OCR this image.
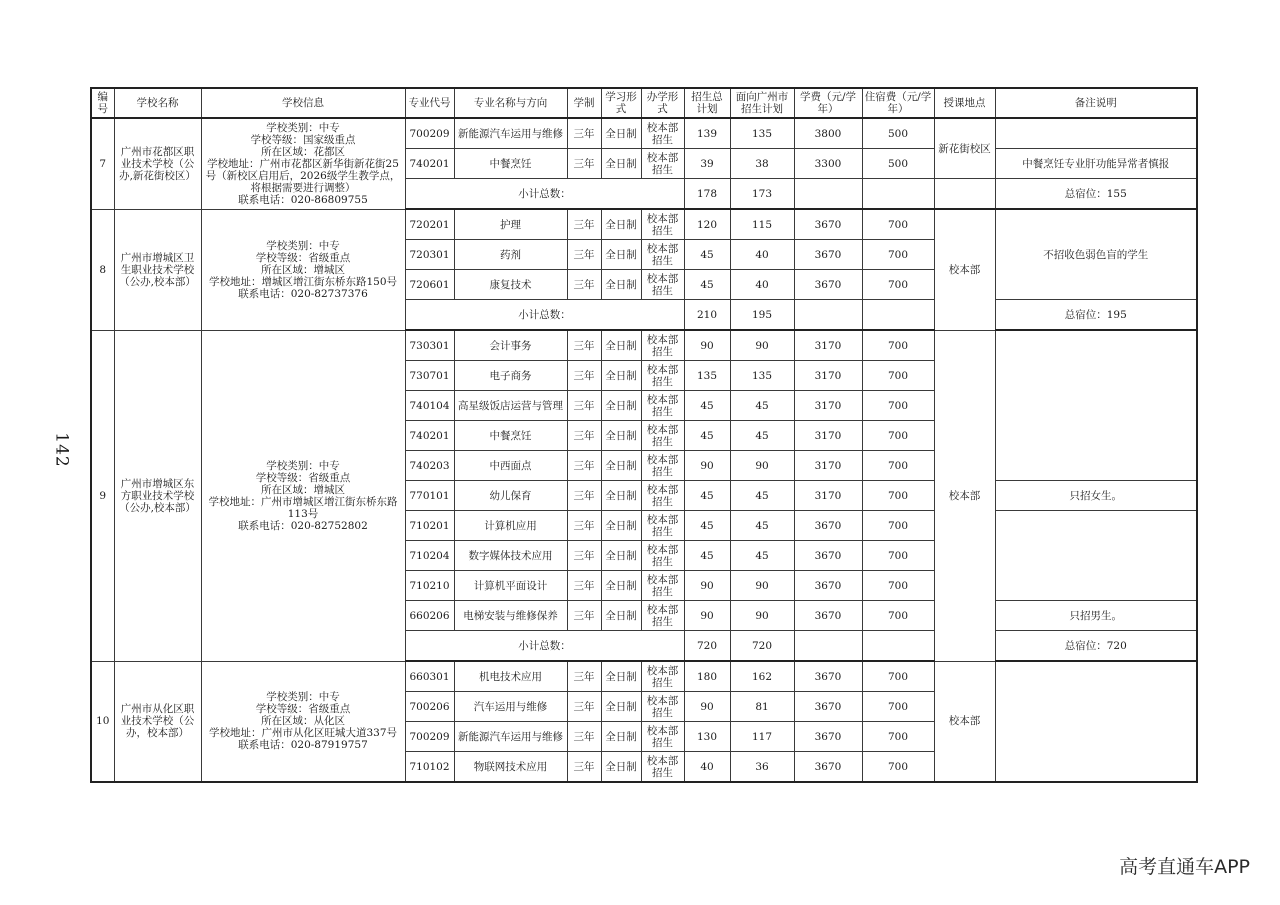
142
高考直通车APP
编号	学校名称	学校信息	专业代号	专业名称与方向	学制	学习形式	办学形式	招生总计划	面向广州市招生计划	学费（元/学年）	住宿费（元/学年）	授课地点	备注说明
7	广州市花都区职业技术学校（公办,新花街校区）	学校类别：中专
学校等级：国家级重点
所在区域：花都区
学校地址：广州市花都区新华街新花街25号（新校区启用后，2026级学生教学点，将根据需要进行调整）
联系电话：020-86809755	700209	新能源汽车运用与维修	三年	全日制	校本部招生	139	135	3800	500	新花街校区	
			740201	中餐烹饪	三年	全日制	校本部招生	39	38	3300	500		中餐烹饪专业肝功能异常者慎报
			小计总数：					178	173				总宿位：155
8	广州市增城区卫生职业技术学校（公办,校本部）	学校类别：中专
学校等级：省级重点
所在区域：增城区
学校地址：增城区增江街东桥东路150号
联系电话：020-82737376	720201	护理	三年	全日制	校本部招生	120	115	3670	700	校本部	不招收色弱色盲的学生
			720301	药剂	三年	全日制	校本部招生	45	40	3670	700		
			720601	康复技术	三年	全日制	校本部招生	45	40	3670	700		
			小计总数：					210	195				总宿位：195
9	广州市增城区东方职业技术学校（公办,校本部）	学校类别：中专
学校等级：省级重点
所在区域：增城区
学校地址：广州市增城区增江街东桥东路113号
联系电话：020-82752802	730301	会计事务	三年	全日制	校本部招生	90	90	3170	700	校本部	
			730701	电子商务	三年	全日制	校本部招生	135	135	3170	700		
			740104	高星级饭店运营与管理	三年	全日制	校本部招生	45	45	3170	700		
			740201	中餐烹饪	三年	全日制	校本部招生	45	45	3170	700		
			740203	中西面点	三年	全日制	校本部招生	90	90	3170	700		
			770101	幼儿保育	三年	全日制	校本部招生	45	45	3170	700		只招女生。
			710201	计算机应用	三年	全日制	校本部招生	45	45	3670	700		
			710204	数字媒体技术应用	三年	全日制	校本部招生	45	45	3670	700		
			710210	计算机平面设计	三年	全日制	校本部招生	90	90	3670	700		
			660206	电梯安装与维修保养	三年	全日制	校本部招生	90	90	3670	700		只招男生。
			小计总数：					720	720				总宿位：720
10	广州市从化区职业技术学校（公办，校本部）	学校类别：中专
学校等级：省级重点
所在区域：从化区
学校地址：广州市从化区旺城大道337号
联系电话：020-87919757	660301	机电技术应用	三年	全日制	校本部招生	180	162	3670	700	校本部	
			700206	汽车运用与维修	三年	全日制	校本部招生	90	81	3670	700		
			700209	新能源汽车运用与维修	三年	全日制	校本部招生	130	117	3670	700		
			710102	物联网技术应用	三年	全日制	校本部招生	40	36	3670	700		
